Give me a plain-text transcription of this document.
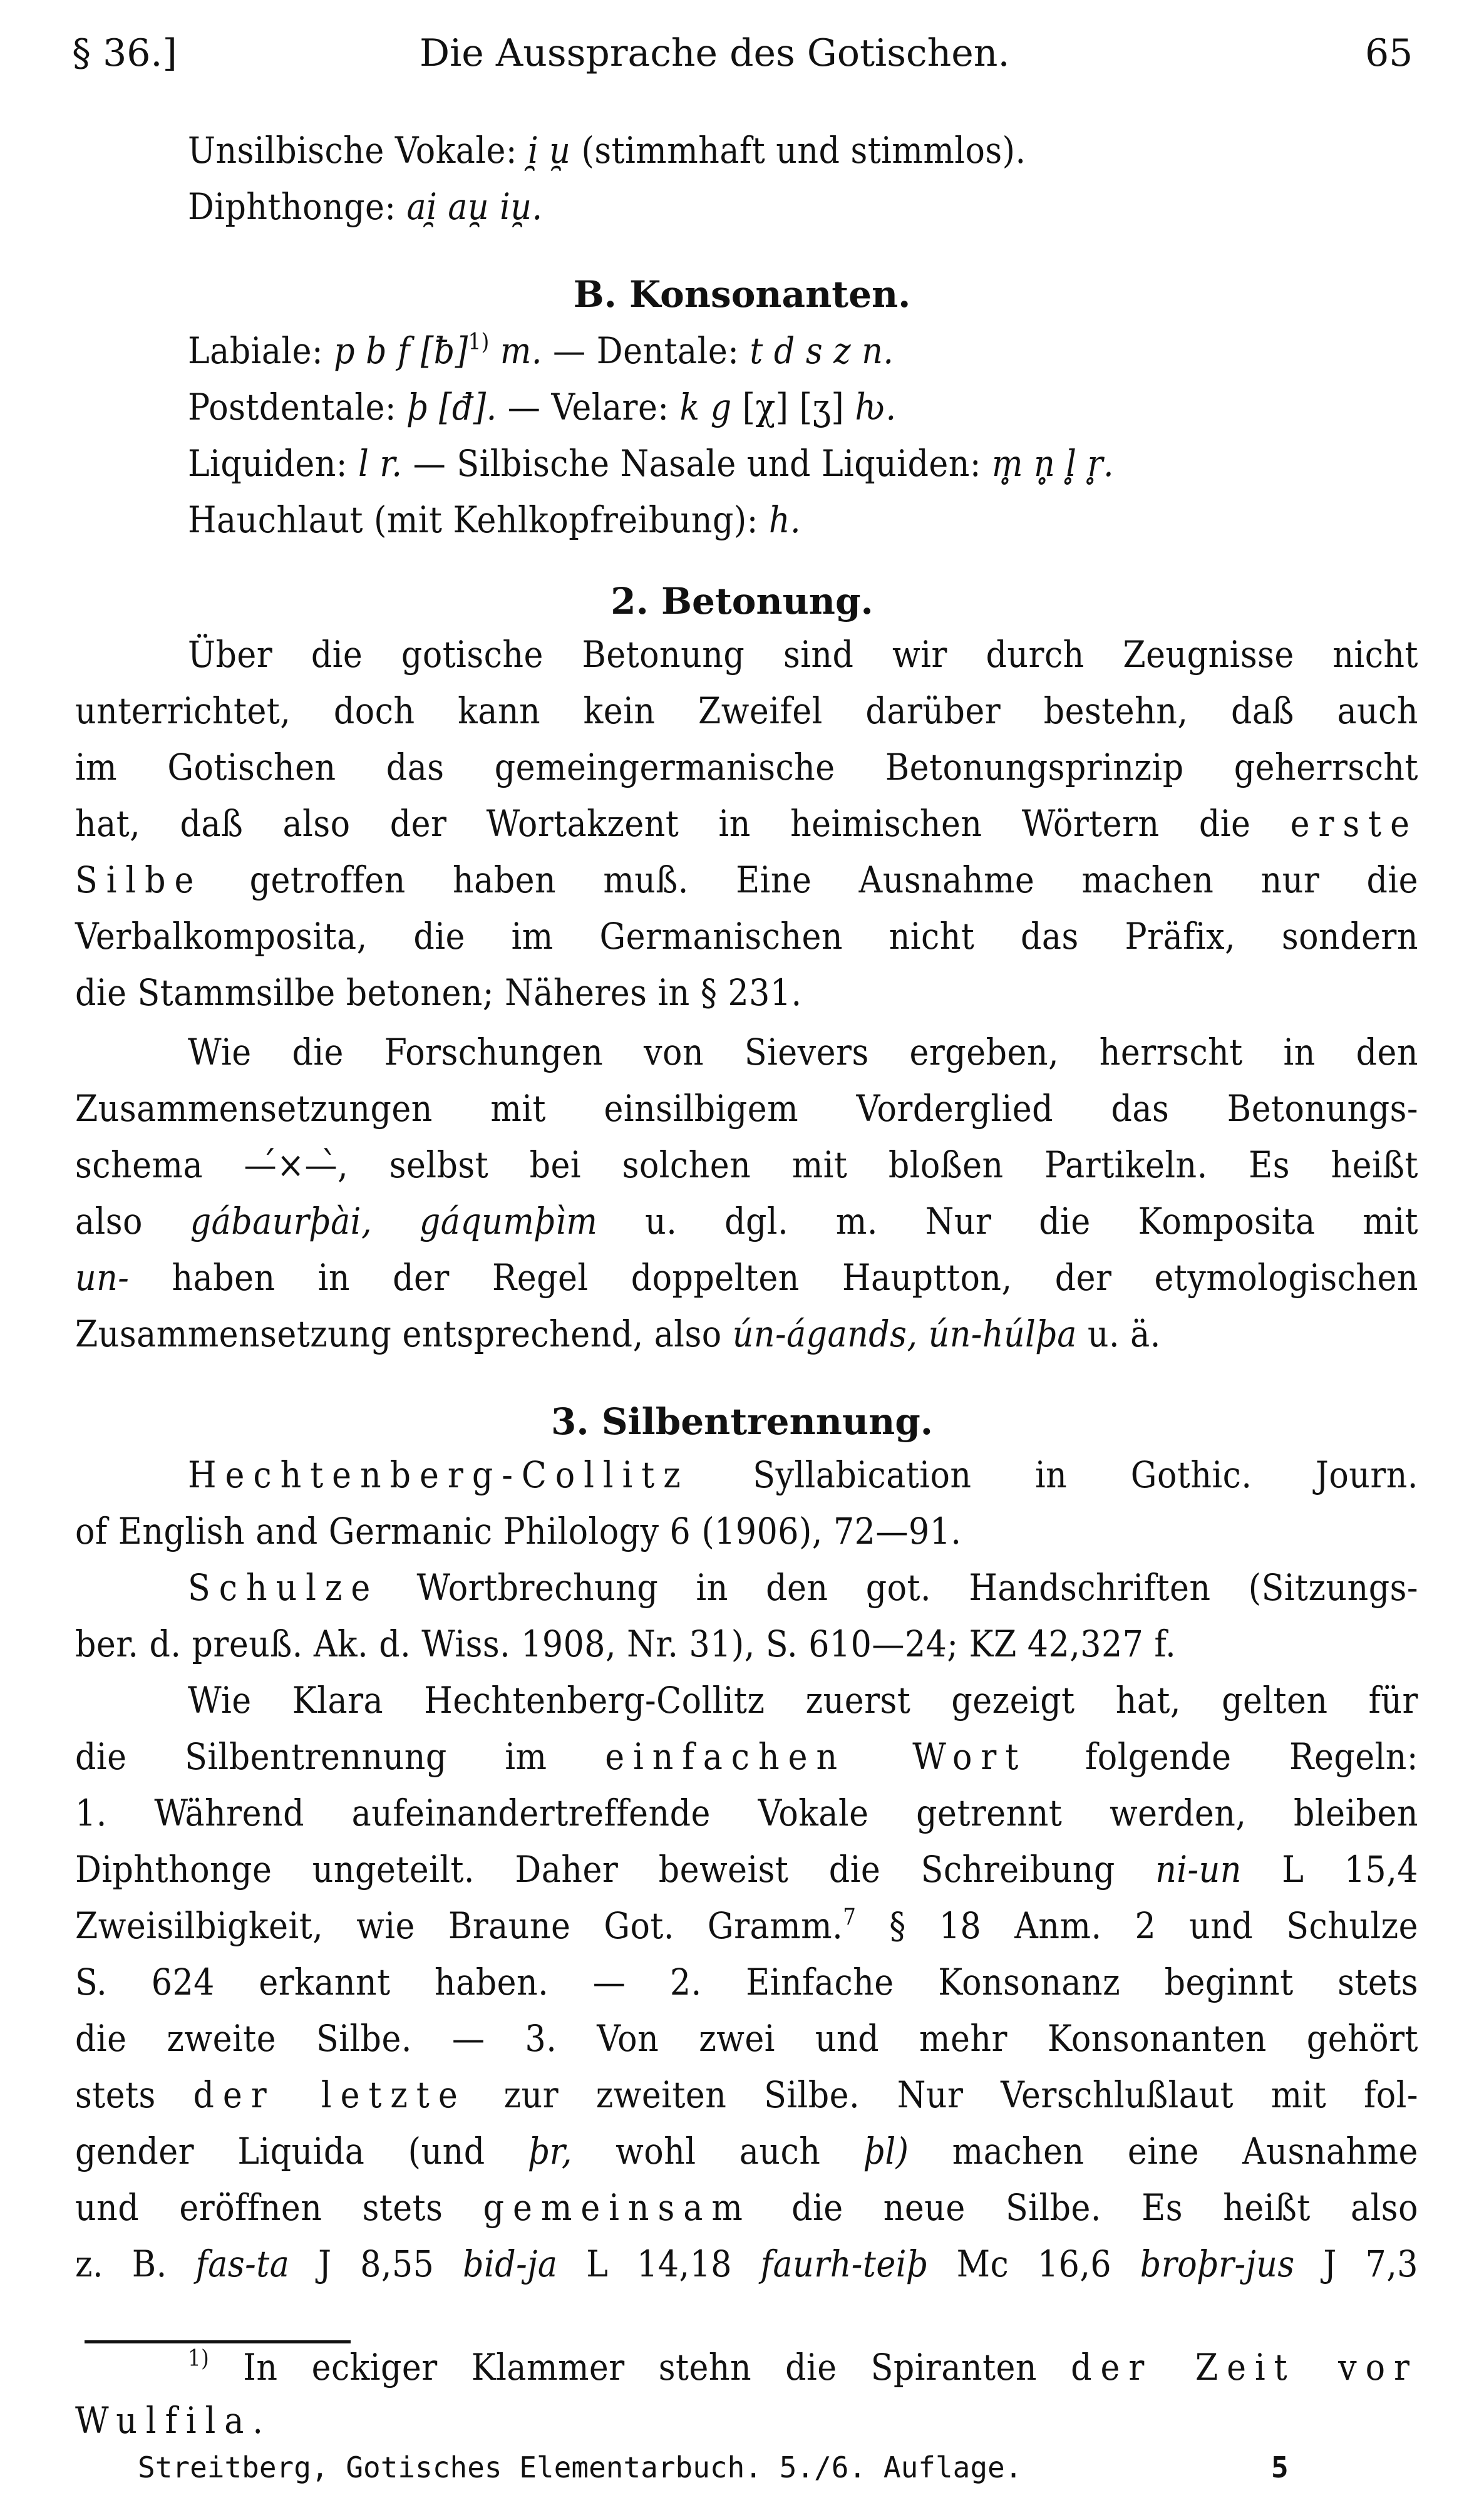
§ 36.]	Die Aussprache des Gotischen.	65
Unsilbische Vokale: i̯ u̯ (stimmhaft und stimmlos).
Diphthonge: ai̯ au̯ iu̯.
B. Konsonanten.
Labiale: p b f [ƀ]$^{1)}$ m. — Dentale: t d s z n.
Postdentale: þ [đ]. — Velare: k g [χ] [ʒ] ƕ.
Liquiden: l r. — Silbische Nasale und Liquiden: m̥ n̥ l̥ r̥.
Hauchlaut (mit Kehlkopfreibung): h.
2. Betonung.
Über die gotische Betonung sind wir durch Zeugnisse nicht
unterrichtet, doch kann kein Zweifel darüber bestehn, daß auch
im Gotischen das gemeingermanische Betonungsprinzip geherrscht
hat, daß also der Wortakzent in heimischen Wörtern die erste
Silbe getroffen haben muß. Eine Ausnahme machen nur die
Verbalkomposita, die im Germanischen nicht das Präfix, sondern
die Stammsilbe betonen; Näheres in § 231.
Wie die Forschungen von Sievers ergeben, herrscht in den
Zusammensetzungen mit einsilbigem Vorderglied das Betonungs-
schema —́×—̀, selbst bei solchen mit bloßen Partikeln. Es heißt
also gábaurþài, gáqumþìm u. dgl. m. Nur die Komposita mit
un- haben in der Regel doppelten Hauptton, der etymologischen
Zusammensetzung entsprechend, also ún-ágands, ún-húlþa u. ä.
3. Silbentrennung.
Hechtenberg-Collitz Syllabication in Gothic. Journ.
of English and Germanic Philology 6 (1906), 72—91.
Schulze Wortbrechung in den got. Handschriften (Sitzungs-
ber. d. preuß. Ak. d. Wiss. 1908, Nr. 31), S. 610—24; KZ 42,327 f.
Wie Klara Hechtenberg-Collitz zuerst gezeigt hat, gelten für
die Silbentrennung im einfachen Wort folgende Regeln:
1. Während aufeinandertreffende Vokale getrennt werden, bleiben
Diphthonge ungeteilt. Daher beweist die Schreibung ni-un L 15,4
Zweisilbigkeit, wie Braune Got. Gramm.$^7$ § 18 Anm. 2 und Schulze
S. 624 erkannt haben. — 2. Einfache Konsonanz beginnt stets
die zweite Silbe. — 3. Von zwei und mehr Konsonanten gehört
stets der letzte zur zweiten Silbe. Nur Verschlußlaut mit fol-
gender Liquida (und þr, wohl auch þl) machen eine Ausnahme
und eröffnen stets gemeinsam die neue Silbe. Es heißt also
z. B. fas-ta J 8,55 bid-ja L 14,18 faurh-teiþ Mc 16,6 broþr-jus J 7,3
$^{1)}$ In eckiger Klammer stehn die Spiranten der Zeit vor
Wulfila.
Streitberg, Gotisches Elementarbuch. 5./6. Auflage.	5
